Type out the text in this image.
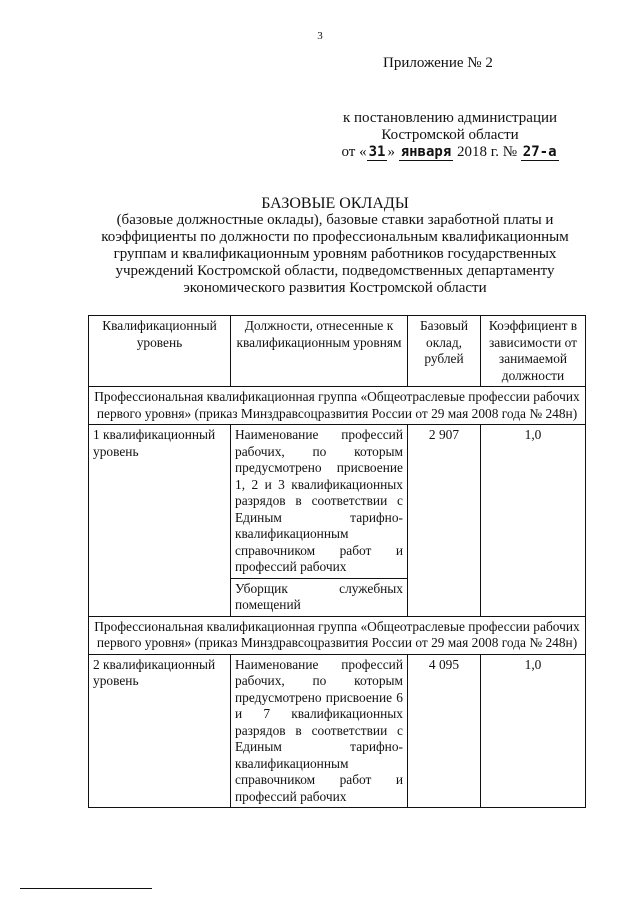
3
Приложение № 2
к постановлению администрации
Костромской области
от « 31 » января 2018 г. № 27-а
БАЗОВЫЕ ОКЛАДЫ
(базовые должностные оклады), базовые ставки заработной платы и коэффициенты по должности по профессиональным квалификационным группам и квалификационным уровням работников государственных учреждений Костромской области, подведомственных департаменту экономического развития Костромской области
Квалификационный уровень	Должности, отнесенные к квалификационным уровням	Базовый оклад, рублей	Коэффициент в зависимости от занимаемой должности
Профессиональная квалификационная группа «Общеотраслевые профессии рабочих первого уровня» (приказ Минздравсоцразвития России от 29 мая 2008 года № 248н)			
1 квалификационный уровень	Наименование профессий рабочих, по которым предусмотрено присвоение 1, 2 и 3 квалификационных разрядов в соответствии с Единым тарифно-квалификационным справочником работ и профессий рабочих	2 907	1,0
	Уборщик служебных помещений		
Профессиональная квалификационная группа «Общеотраслевые профессии рабочих первого уровня» (приказ Минздравсоцразвития России от 29 мая 2008 года № 248н)			
2 квалификационный уровень	Наименование профессий рабочих, по которым предусмотрено присвоение 6 и 7 квалификационных разрядов в соответствии с Единым тарифно-квалификационным справочником работ и профессий рабочих	4 095	1,0
